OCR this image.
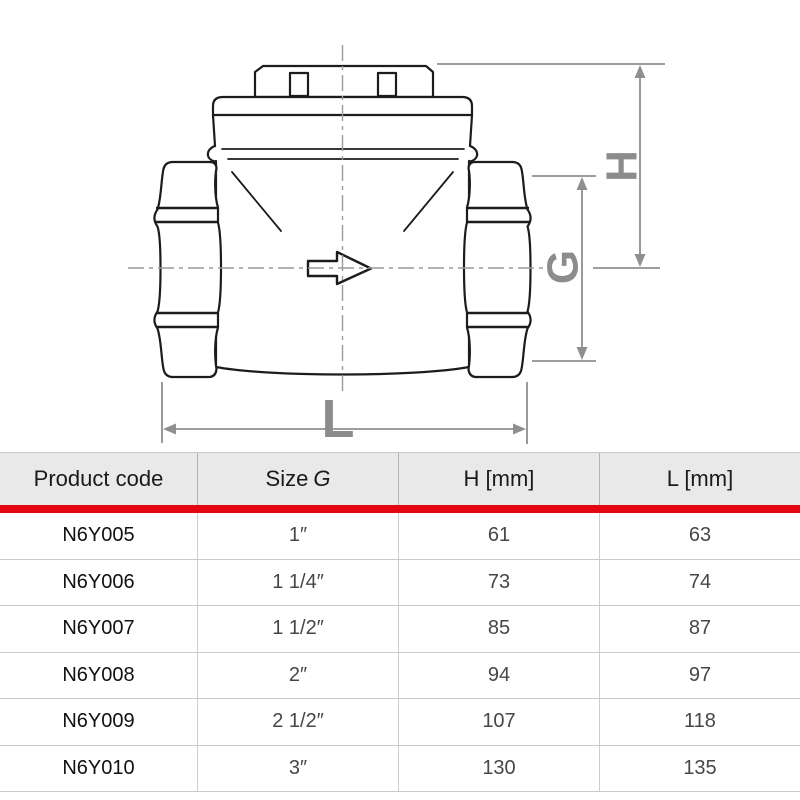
H
G
L
Product code	Size G	H [mm]	L [mm]
N6Y005	1″	61	63
N6Y006	1 1/4″	73	74
N6Y007	1 1/2″	85	87
N6Y008	2″	94	97
N6Y009	2 1/2″	107	118
N6Y010	3″	130	135
